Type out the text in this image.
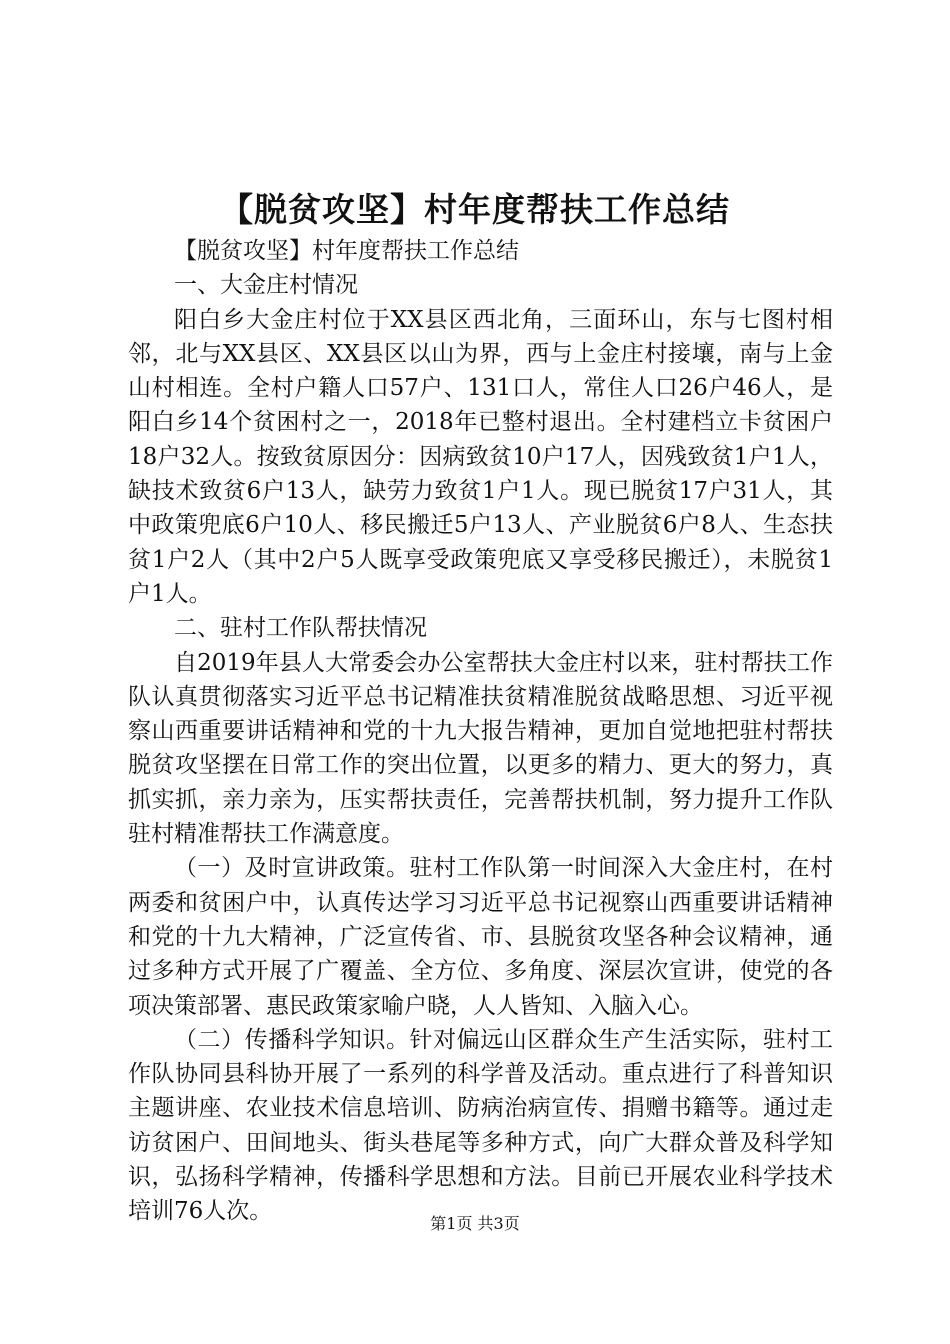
【脱贫攻坚】村年度帮扶工作总结

【脱贫攻坚】村年度帮扶工作总结

一、大金庄村情况

阳白乡大金庄村位于XX县区西北角，三面环山，东与七图村相邻，北与XX县区、XX县区以山为界，西与上金庄村接壤，南与上金山村相连。全村户籍人口57户、131口人，常住人口26户46人，是阳白乡14个贫困村之一，2018年已整村退出。全村建档立卡贫困户18户32人。按致贫原因分：因病致贫10户17人，因残致贫1户1人，缺技术致贫6户13人，缺劳力致贫1户1人。现已脱贫17户31人，其中政策兜底6户10人、移民搬迁5户13人、产业脱贫6户8人、生态扶贫1户2人（其中2户5人既享受政策兜底又享受移民搬迁），未脱贫1户1人。

二、驻村工作队帮扶情况

自2019年县人大常委会办公室帮扶大金庄村以来，驻村帮扶工作队认真贯彻落实习近平总书记精准扶贫精准脱贫战略思想、习近平视察山西重要讲话精神和党的十九大报告精神，更加自觉地把驻村帮扶脱贫攻坚摆在日常工作的突出位置，以更多的精力、更大的努力，真抓实抓，亲力亲为，压实帮扶责任，完善帮扶机制，努力提升工作队驻村精准帮扶工作满意度。

（一）及时宣讲政策。驻村工作队第一时间深入大金庄村，在村两委和贫困户中，认真传达学习习近平总书记视察山西重要讲话精神和党的十九大精神，广泛宣传省、市、县脱贫攻坚各种会议精神，通过多种方式开展了广覆盖、全方位、多角度、深层次宣讲，使党的各项决策部署、惠民政策家喻户晓，人人皆知、入脑入心。

（二）传播科学知识。针对偏远山区群众生产生活实际，驻村工作队协同县科协开展了一系列的科学普及活动。重点进行了科普知识主题讲座、农业技术信息培训、防病治病宣传、捐赠书籍等。通过走访贫困户、田间地头、街头巷尾等多种方式，向广大群众普及科学知识，弘扬科学精神，传播科学思想和方法。目前已开展农业科学技术培训76人次。	第1页 共3页
